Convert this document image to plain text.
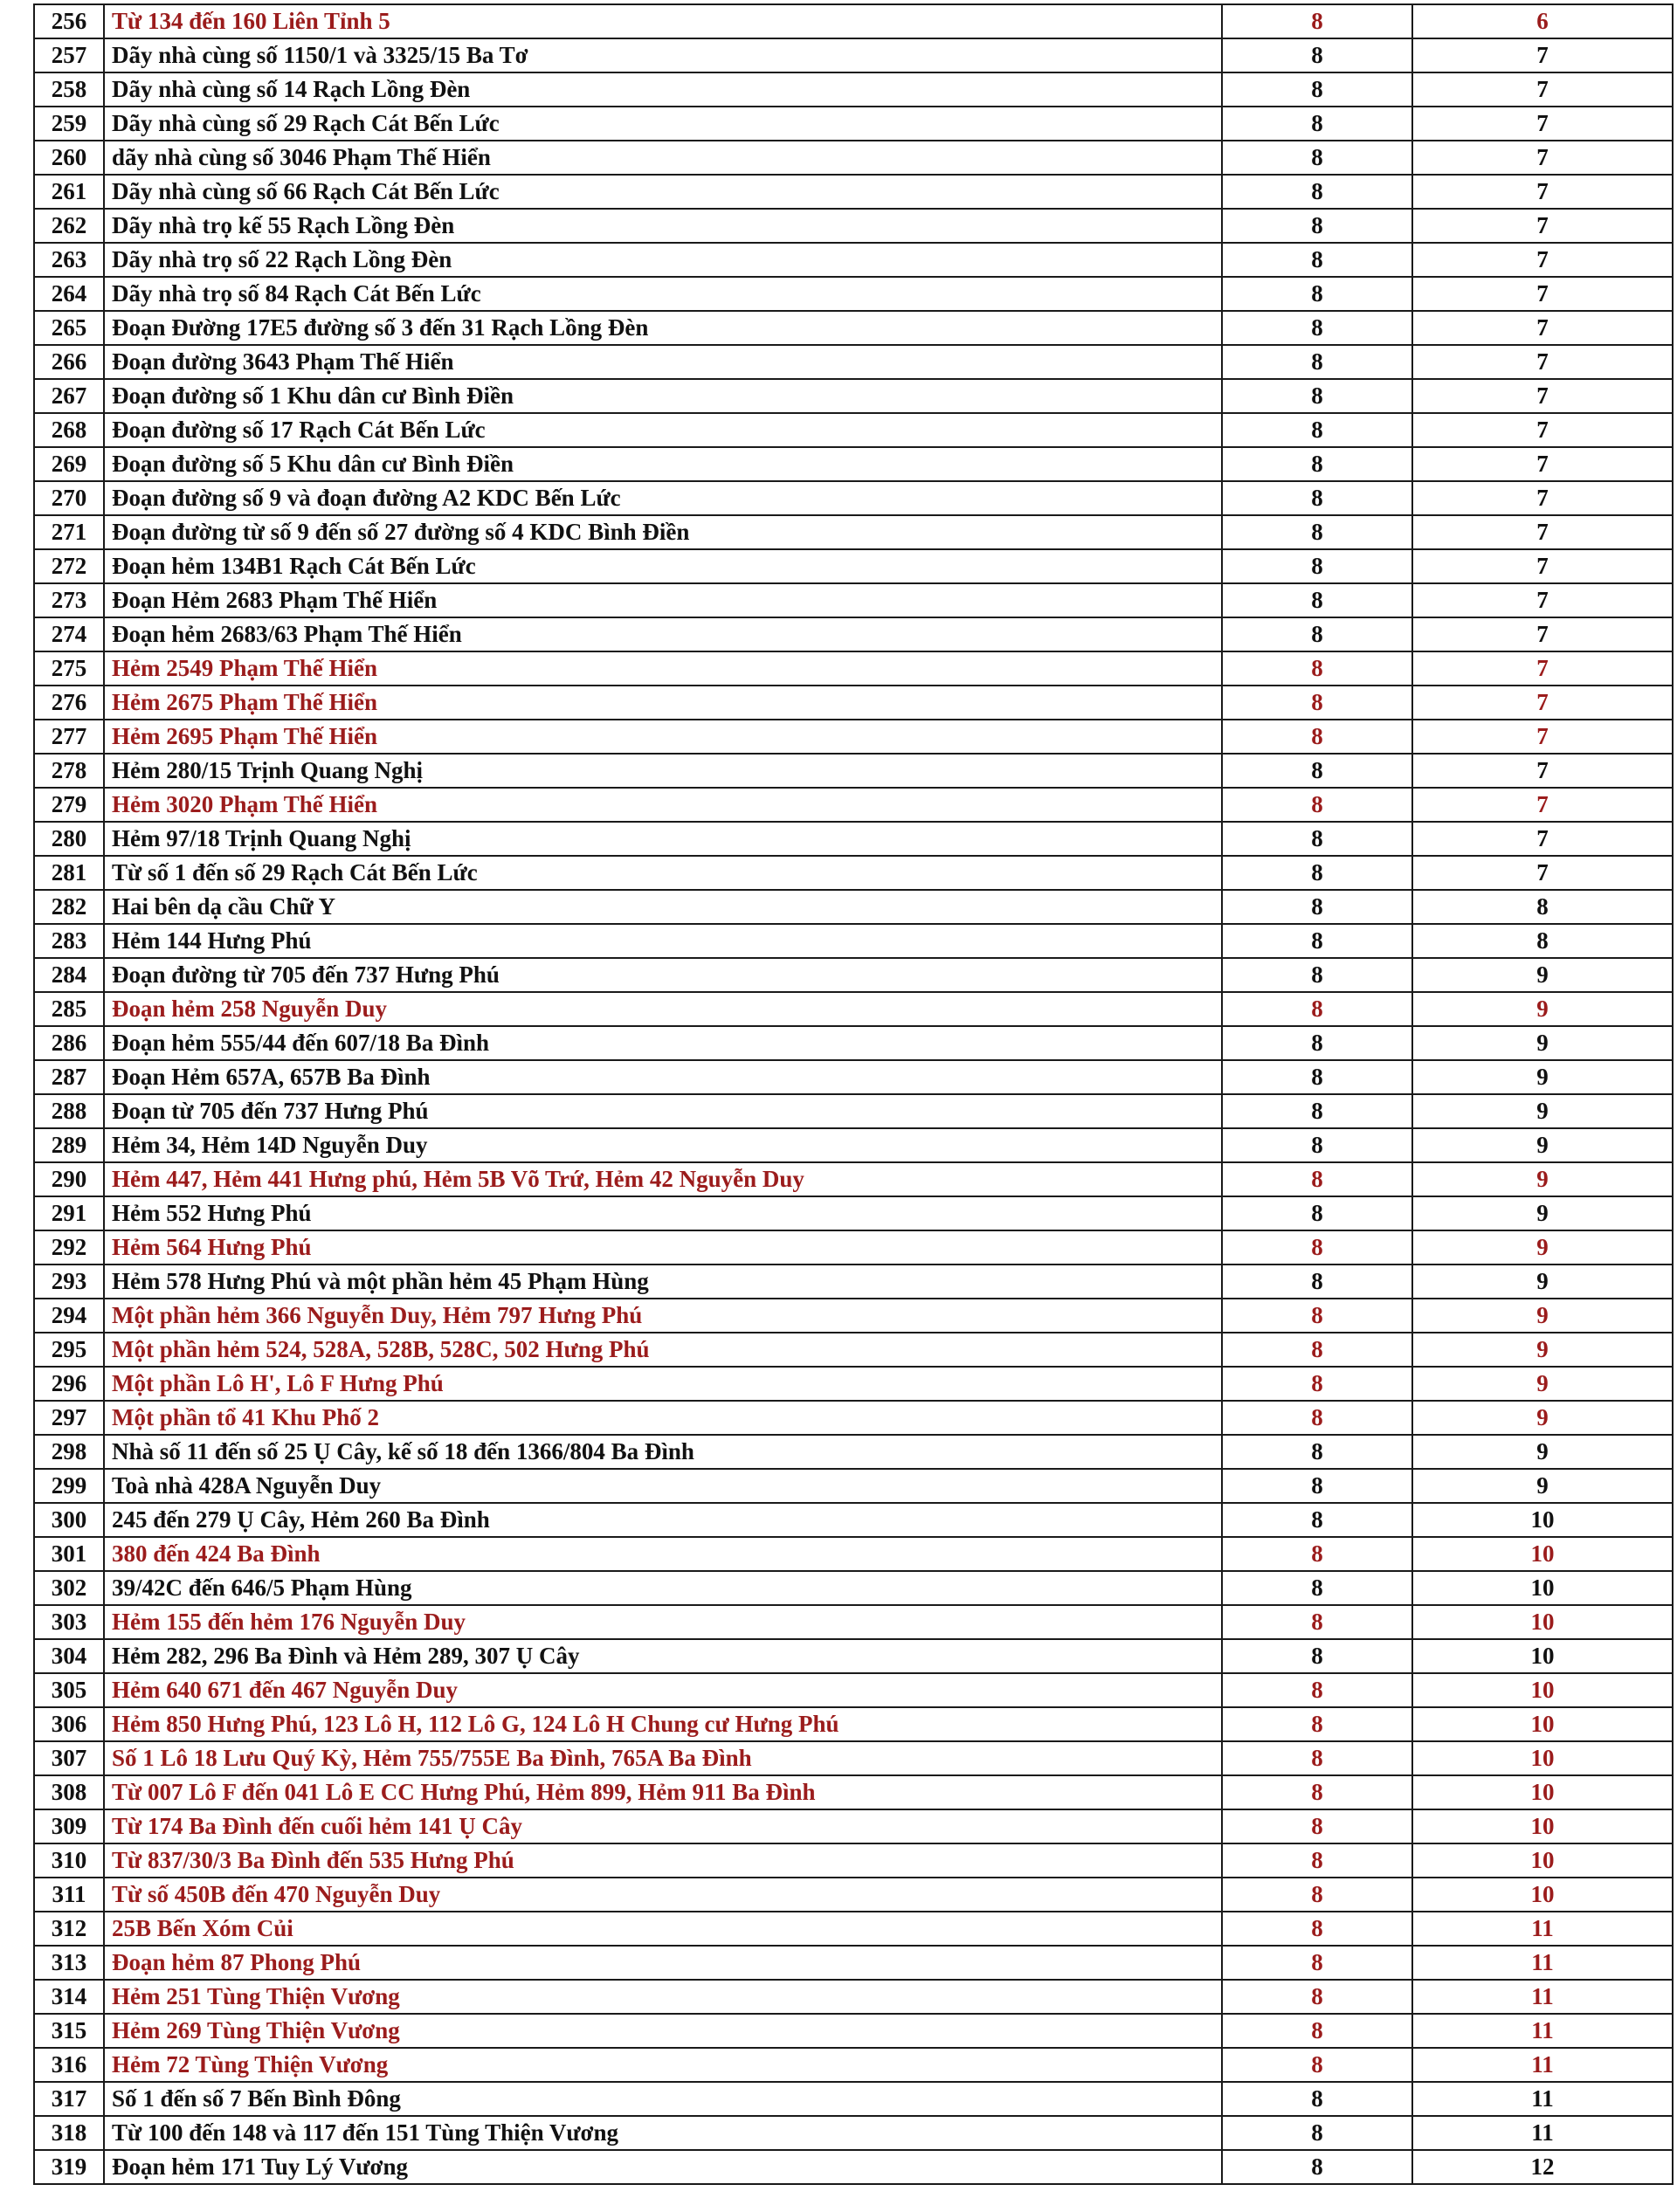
256	Từ 134 đến 160 Liên Tỉnh 5	8	6
257	Dãy nhà cùng số 1150/1 và 3325/15 Ba Tơ	8	7
258	Dãy nhà cùng số 14 Rạch Lồng Đèn	8	7
259	Dãy nhà cùng số 29 Rạch Cát Bến Lức	8	7
260	dãy nhà cùng số 3046 Phạm Thế Hiển	8	7
261	Dãy nhà cùng số 66 Rạch Cát Bến Lức	8	7
262	Dãy nhà trọ kế 55 Rạch Lồng Đèn	8	7
263	Dãy nhà trọ số 22 Rạch Lồng Đèn	8	7
264	Dãy nhà trọ số 84 Rạch Cát Bến Lức	8	7
265	Đoạn Đường 17E5 đường số 3 đến 31 Rạch Lồng Đèn	8	7
266	Đoạn đường 3643 Phạm Thế Hiển	8	7
267	Đoạn đường số 1 Khu dân cư Bình Điền	8	7
268	Đoạn đường số 17 Rạch Cát Bến Lức	8	7
269	Đoạn đường số 5 Khu dân cư Bình Điền	8	7
270	Đoạn đường số 9 và đoạn đường A2 KDC Bến Lức	8	7
271	Đoạn đường từ số 9 đến số 27 đường số 4 KDC Bình Điền	8	7
272	Đoạn hẻm 134B1 Rạch Cát Bến Lức	8	7
273	Đoạn Hẻm 2683 Phạm Thế Hiển	8	7
274	Đoạn hẻm 2683/63 Phạm Thế Hiển	8	7
275	Hẻm 2549 Phạm Thế Hiển	8	7
276	Hẻm 2675 Phạm Thế Hiển	8	7
277	Hẻm 2695 Phạm Thế Hiển	8	7
278	Hẻm 280/15 Trịnh Quang Nghị	8	7
279	Hẻm 3020 Phạm Thế Hiển	8	7
280	Hẻm 97/18 Trịnh Quang Nghị	8	7
281	Từ số 1 đến số 29 Rạch Cát Bến Lức	8	7
282	Hai bên dạ cầu Chữ Y	8	8
283	Hẻm 144 Hưng Phú	8	8
284	Đoạn đường từ 705 đến 737 Hưng Phú	8	9
285	Đoạn hẻm 258 Nguyễn Duy	8	9
286	Đoạn hẻm 555/44 đến 607/18 Ba Đình	8	9
287	Đoạn Hẻm 657A, 657B Ba Đình	8	9
288	Đoạn từ 705 đến 737 Hưng Phú	8	9
289	Hẻm 34, Hẻm 14D Nguyễn Duy	8	9
290	Hẻm 447, Hẻm 441 Hưng phú, Hẻm 5B Võ Trứ, Hẻm 42 Nguyễn Duy	8	9
291	Hẻm 552 Hưng Phú	8	9
292	Hẻm 564 Hưng Phú	8	9
293	Hẻm 578 Hưng Phú và một phần hẻm 45 Phạm Hùng	8	9
294	Một phần hẻm 366 Nguyễn Duy, Hẻm 797 Hưng Phú	8	9
295	Một phần hẻm 524, 528A, 528B, 528C, 502 Hưng Phú	8	9
296	Một phần Lô H', Lô F Hưng Phú	8	9
297	Một phần tổ 41 Khu Phố 2	8	9
298	Nhà số 11 đến số 25 Ụ Cây, kế số 18 đến 1366/804 Ba Đình	8	9
299	Toà nhà 428A Nguyễn Duy	8	9
300	245 đến 279 Ụ Cây, Hẻm 260 Ba Đình	8	10
301	380 đến 424 Ba Đình	8	10
302	39/42C đến 646/5 Phạm Hùng	8	10
303	Hẻm 155 đến hẻm 176 Nguyễn Duy	8	10
304	Hẻm 282, 296 Ba Đình và Hẻm 289, 307 Ụ Cây	8	10
305	Hẻm 640 671 đến 467 Nguyễn Duy	8	10
306	Hẻm 850 Hưng Phú, 123 Lô H, 112 Lô G, 124 Lô H Chung cư Hưng Phú	8	10
307	Số 1 Lô 18 Lưu Quý Kỳ, Hẻm 755/755E Ba Đình, 765A Ba Đình	8	10
308	Từ 007 Lô F đến 041 Lô E CC Hưng Phú, Hẻm 899, Hẻm 911 Ba Đình	8	10
309	Từ 174 Ba Đình đến cuối hẻm 141 Ụ Cây	8	10
310	Từ 837/30/3 Ba Đình đến 535 Hưng Phú	8	10
311	Từ số 450B đến 470 Nguyễn Duy	8	10
312	25B Bến Xóm Củi	8	11
313	Đoạn hẻm 87 Phong Phú	8	11
314	Hẻm 251 Tùng Thiện Vương	8	11
315	Hẻm 269 Tùng Thiện Vương	8	11
316	Hẻm 72 Tùng Thiện Vương	8	11
317	Số 1 đến số 7 Bến Bình Đông	8	11
318	Từ 100 đến 148 và 117 đến 151 Tùng Thiện Vương	8	11
319	Đoạn hẻm 171 Tuy Lý Vương	8	12
